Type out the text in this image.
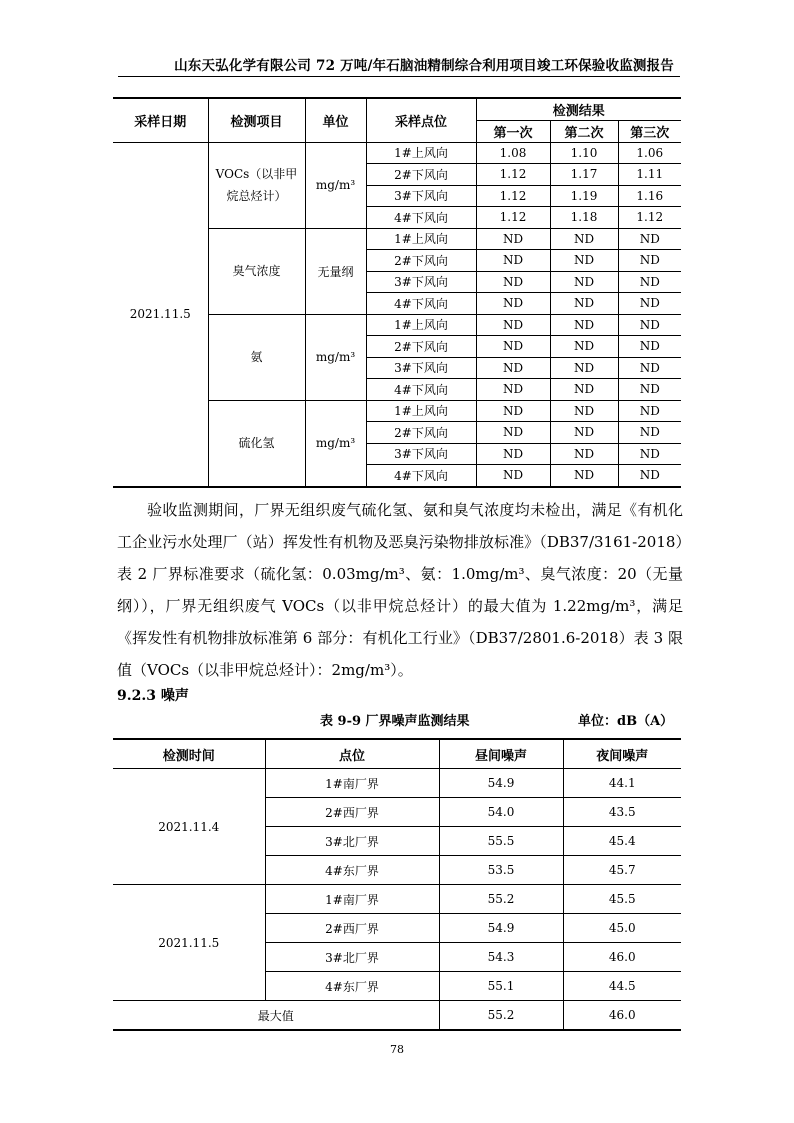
山东天弘化学有限公司 72 万吨/年石脑油精制综合利用项目竣工环保验收监测报告
采样日期	检测项目	单位	采样点位	检测结果		
				第一次	第二次	第三次
2021.11.5	VOCs（以非甲烷总烃计）	mg/m³	1#上风向	1.08	1.10	1.06
			2#下风向	1.12	1.17	1.11
			3#下风向	1.12	1.19	1.16
			4#下风向	1.12	1.18	1.12
	臭气浓度	无量纲	1#上风向	ND	ND	ND
			2#下风向	ND	ND	ND
			3#下风向	ND	ND	ND
			4#下风向	ND	ND	ND
	氨	mg/m³	1#上风向	ND	ND	ND
			2#下风向	ND	ND	ND
			3#下风向	ND	ND	ND
			4#下风向	ND	ND	ND
	硫化氢	mg/m³	1#上风向	ND	ND	ND
			2#下风向	ND	ND	ND
			3#下风向	ND	ND	ND
			4#下风向	ND	ND	ND

验收监测期间，厂界无组织废气硫化氢、氨和臭气浓度均未检出，满足《有机化工企业污水处理厂（站）挥发性有机物及恶臭污染物排放标准》（DB37/3161-2018）表 2 厂界标准要求（硫化氢：0.03mg/m³、氨：1.0mg/m³、臭气浓度：20（无量纲）），厂界无组织废气 VOCs（以非甲烷总烃计）的最大值为 1.22mg/m³，满足《挥发性有机物排放标准第 6 部分：有机化工行业》（DB37/2801.6-2018）表 3 限值（VOCs（以非甲烷总烃计）：2mg/m³）。

9.2.3 噪声
表 9-9 厂界噪声监测结果	单位：dB（A）
检测时间	点位	昼间噪声	夜间噪声
2021.11.4	1#南厂界	54.9	44.1
	2#西厂界	54.0	43.5
	3#北厂界	55.5	45.4
	4#东厂界	53.5	45.7
2021.11.5	1#南厂界	55.2	45.5
	2#西厂界	54.9	45.0
	3#北厂界	54.3	46.0
	4#东厂界	55.1	44.5
最大值		55.2	46.0
78
